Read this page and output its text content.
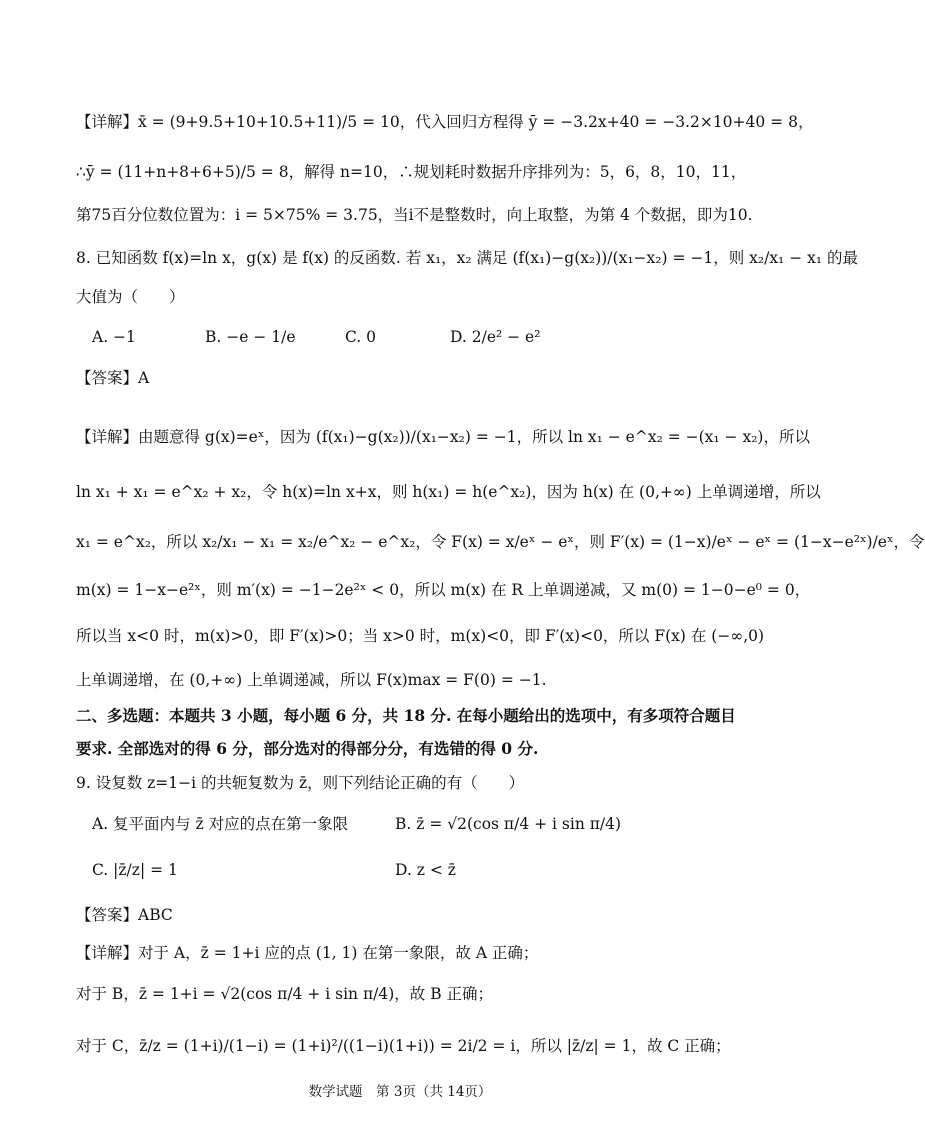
【详解】x̄ = (9+9.5+10+10.5+11)/5 = 10，代入回归方程得 ȳ = −3.2x+40 = −3.2×10+40 = 8，
∴ȳ = (11+n+8+6+5)/5 = 8，解得 n=10，∴规划耗时数据升序排列为：5，6，8，10，11，
第75百分位数位置为：i = 5×75% = 3.75，当i不是整数时，向上取整，为第 4 个数据，即为10.
8. 已知函数 f(x)=ln x，g(x) 是 f(x) 的反函数. 若 x₁，x₂ 满足 (f(x₁)−g(x₂))/(x₁−x₂) = −1，则 x₂/x₁ − x₁ 的最
大值为（　　）
A. −1	B. −e − 1/e	C. 0	D. 2/e² − e²
【答案】A
【详解】由题意得 g(x)=eˣ，因为 (f(x₁)−g(x₂))/(x₁−x₂) = −1，所以 ln x₁ − e^x₂ = −(x₁ − x₂)，所以
ln x₁ + x₁ = e^x₂ + x₂，令 h(x)=ln x+x，则 h(x₁) = h(e^x₂)，因为 h(x) 在 (0,+∞) 上单调递增，所以
x₁ = e^x₂，所以 x₂/x₁ − x₁ = x₂/e^x₂ − e^x₂，令 F(x) = x/eˣ − eˣ，则 F′(x) = (1−x)/eˣ − eˣ = (1−x−e²ˣ)/eˣ，令
m(x) = 1−x−e²ˣ，则 m′(x) = −1−2e²ˣ < 0，所以 m(x) 在 R 上单调递减，又 m(0) = 1−0−e⁰ = 0，
所以当 x<0 时，m(x)>0，即 F′(x)>0；当 x>0 时，m(x)<0，即 F′(x)<0，所以 F(x) 在 (−∞,0)
上单调递增，在 (0,+∞) 上单调递减，所以 F(x)max = F(0) = −1.
二、多选题：本题共 3 小题，每小题 6 分，共 18 分. 在每小题给出的选项中，有多项符合题目
要求. 全部选对的得 6 分，部分选对的得部分分，有选错的得 0 分.
9. 设复数 z=1−i 的共轭复数为 z̄，则下列结论正确的有（　　）
A. 复平面内与 z̄ 对应的点在第一象限	B. z̄ = √2(cos π/4 + i sin π/4)
C. |z̄/z| = 1	D. z < z̄
【答案】ABC
【详解】对于 A，z̄ = 1+i 应的点 (1, 1) 在第一象限，故 A 正确；
对于 B，z̄ = 1+i = √2(cos π/4 + i sin π/4)，故 B 正确；
对于 C，z̄/z = (1+i)/(1−i) = (1+i)²/((1−i)(1+i)) = 2i/2 = i，所以 |z̄/z| = 1，故 C 正确；
数学试题　第 3页（共 14页）
